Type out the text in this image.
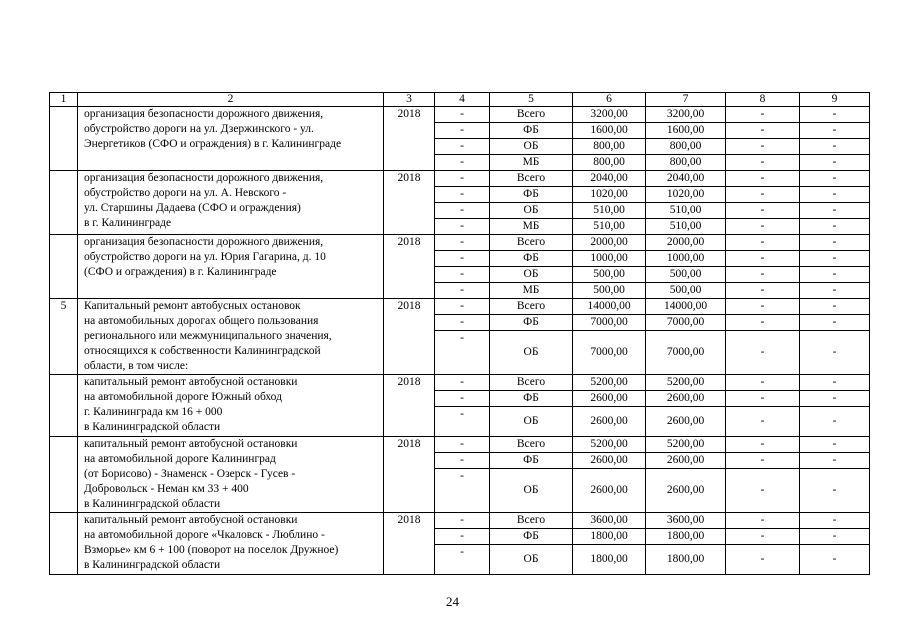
1	2	3	4	5	6	7	8	9

	организация безопасности дорожного движения,
обустройство дороги на ул. Дзержинского - ул.
Энергетиков (СФО и ограждения) в г. Калининграде	2018	-	Всего	3200,00	3200,00	-	-
			-	ФБ	1600,00	1600,00	-	-
			-	ОБ	800,00	800,00	-	-
			-	МБ	800,00	800,00	-	-

	организация безопасности дорожного движения,
обустройство дороги на ул. А. Невского -
ул. Старшины Дадаева (СФО и ограждения)
в г. Калининграде	2018	-	Всего	2040,00	2040,00	-	-
			-	ФБ	1020,00	1020,00	-	-
			-	ОБ	510,00	510,00	-	-
			-	МБ	510,00	510,00	-	-

	организация безопасности дорожного движения,
обустройство дороги на ул. Юрия Гагарина, д. 10
(СФО и ограждения) в г. Калининграде	2018	-	Всего	2000,00	2000,00	-	-
			-	ФБ	1000,00	1000,00	-	-
			-	ОБ	500,00	500,00	-	-
			-	МБ	500,00	500,00	-	-
5	Капитальный ремонт автобусных остановок
на автомобильных дорогах общего пользования
регионального или межмуниципального значения,
относящихся к собственности Калининградской
области, в том числе:	2018	-	Всего	14000,00	14000,00	-	-
			-	ФБ	7000,00	7000,00	-	-
			-	ОБ	7000,00	7000,00	-	-

	капитальный ремонт автобусной остановки
на автомобильной дороге Южный обход
г. Калининграда км 16 + 000
в Калининградской области	2018	-	Всего	5200,00	5200,00	-	-
			-	ФБ	2600,00	2600,00	-	-
			-	ОБ	2600,00	2600,00	-	-

	капитальный ремонт автобусной остановки
на автомобильной дороге Калининград
(от Борисово) - Знаменск - Озерск - Гусев -
Добровольск - Неман км 33 + 400
в Калининградской области	2018	-	Всего	5200,00	5200,00	-	-
			-	ФБ	2600,00	2600,00	-	-
			-	ОБ	2600,00	2600,00	-	-

	капитальный ремонт автобусной остановки
на автомобильной дороге «Чкаловск - Люблино -
Взморье» км 6 + 100 (поворот на поселок Дружное)
в Калининградской области	2018	-	Всего	3600,00	3600,00	-	-
			-	ФБ	1800,00	1800,00	-	-
			-	ОБ	1800,00	1800,00	-	-
24
